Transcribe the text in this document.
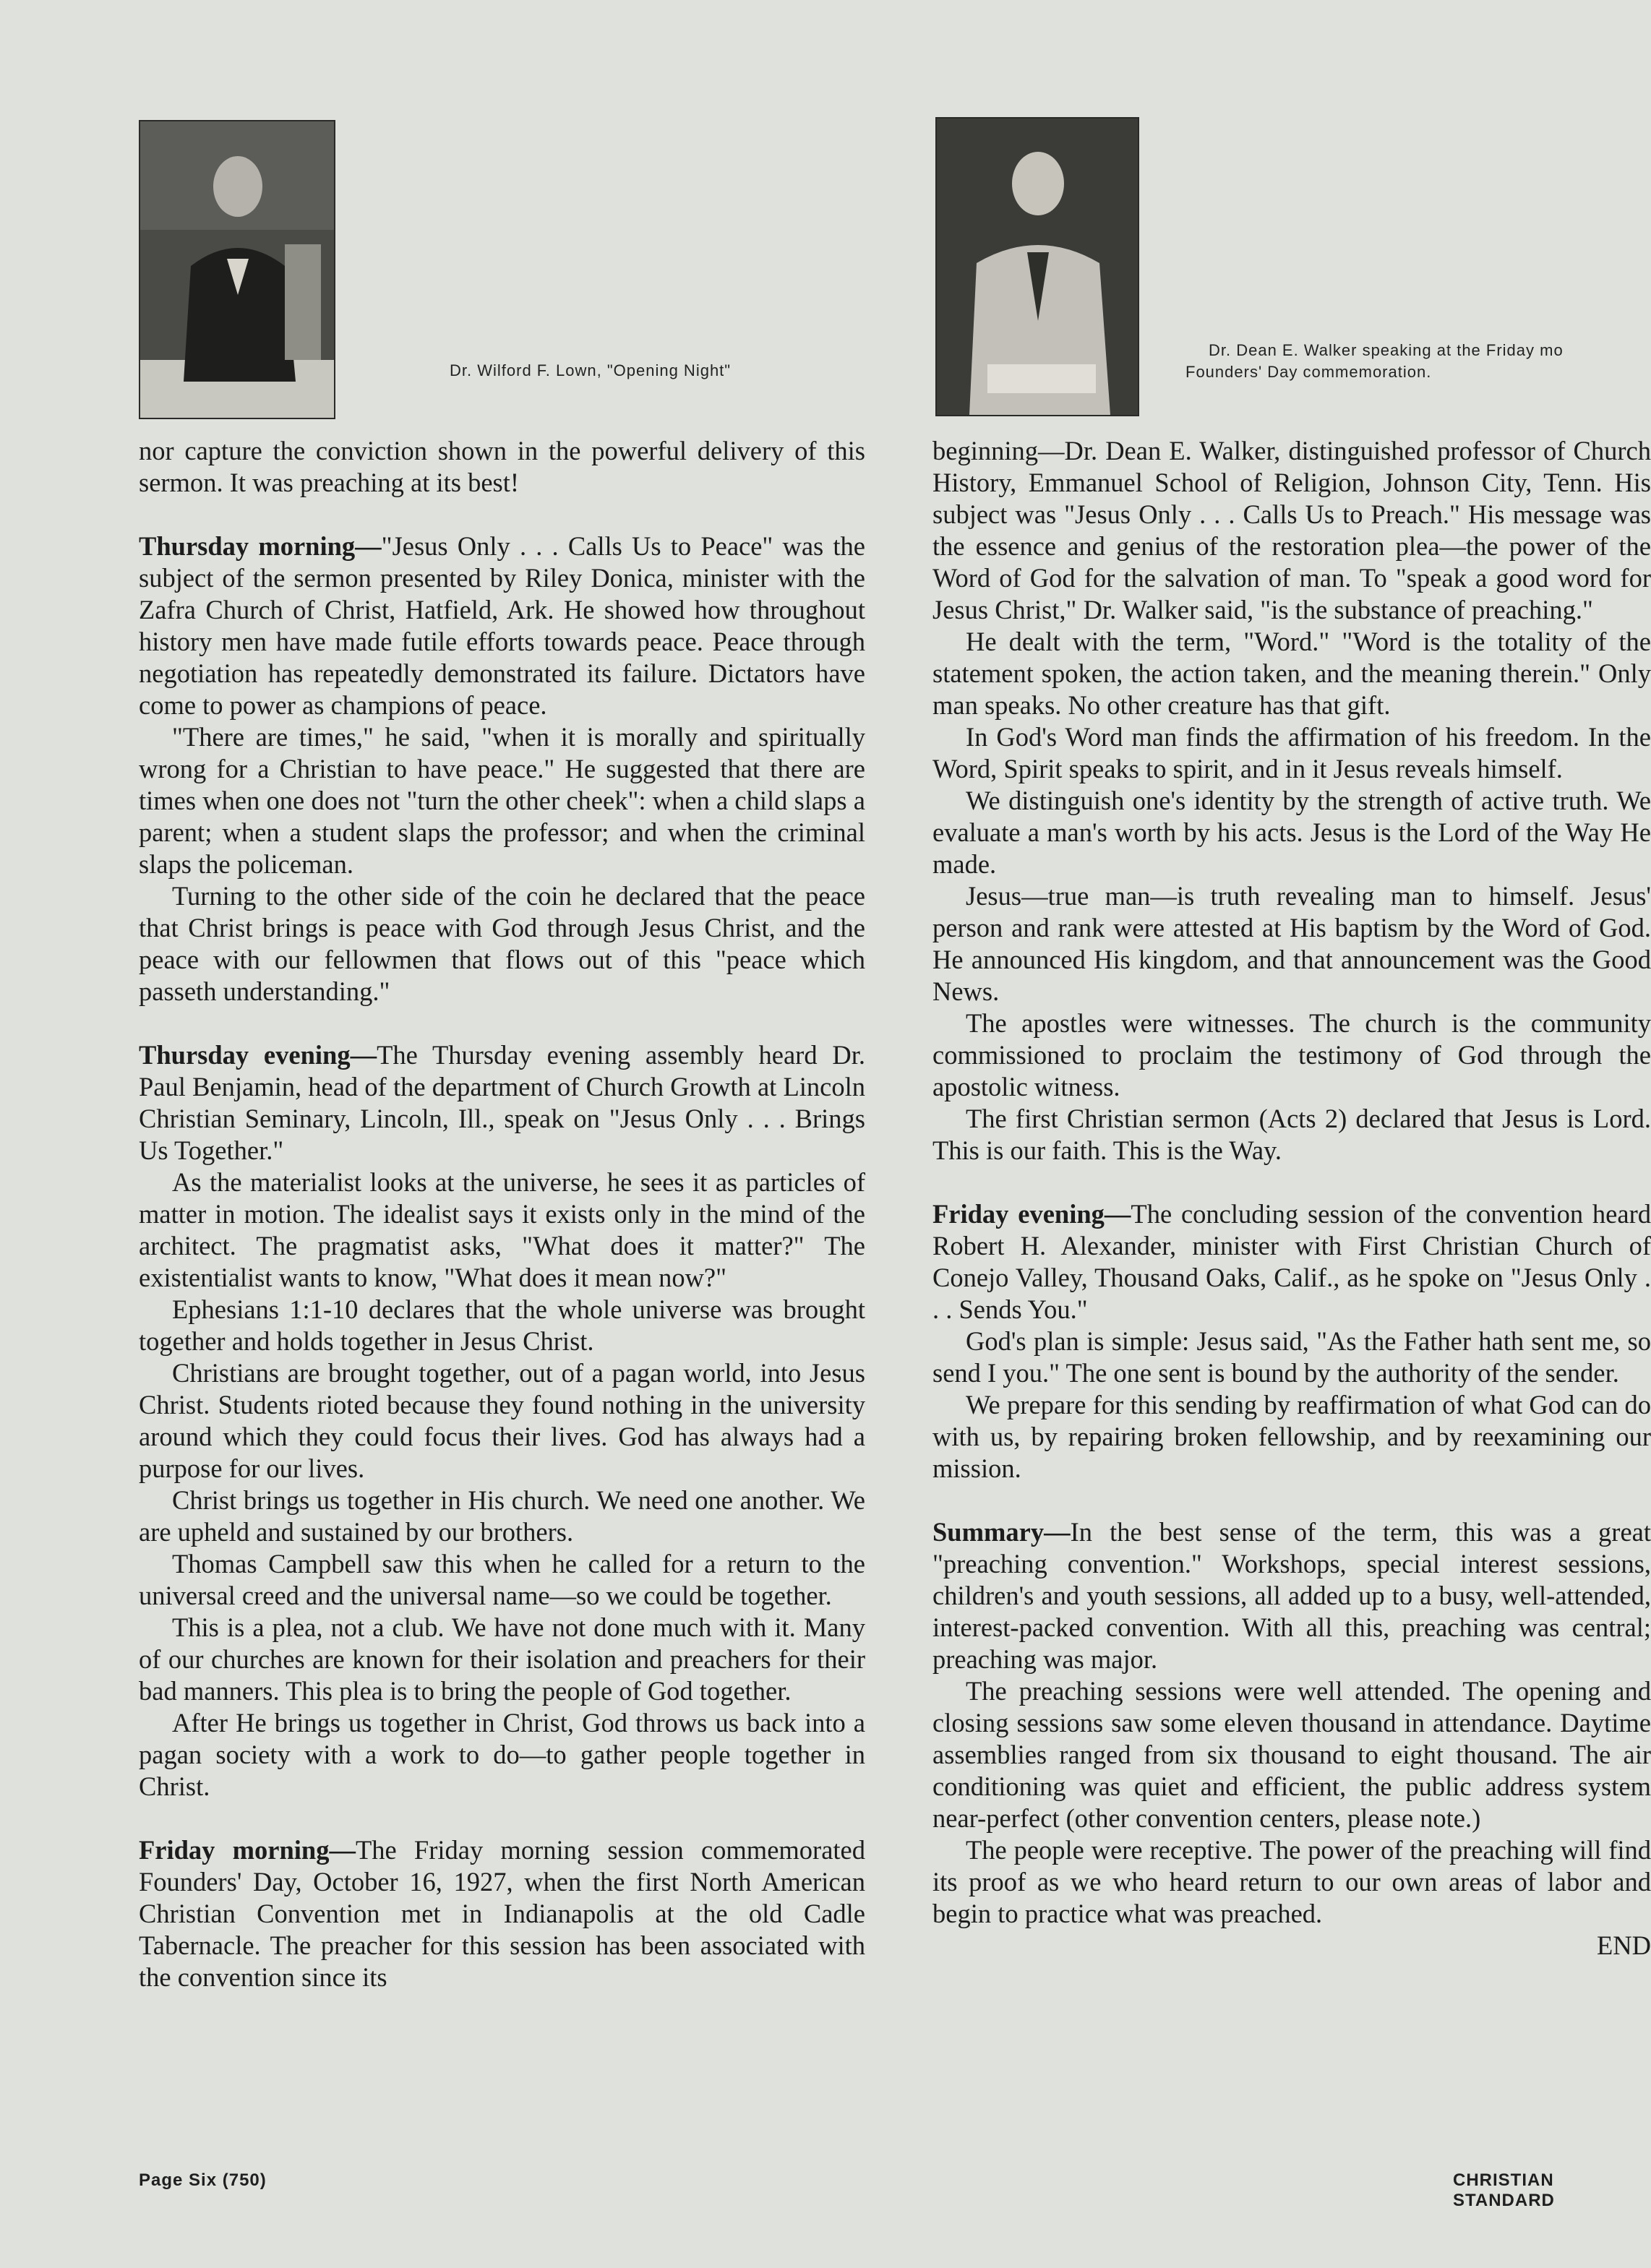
Dr. Wilford F. Lown, "Opening Night"
Dr. Dean E. Walker speaking at the Friday mo
Founders' Day commemoration.

nor capture the conviction shown in the powerful delivery of this sermon. It was preaching at its best!

Thursday morning—"Jesus Only . . . Calls Us to Peace" was the subject of the sermon presented by Riley Donica, minister with the Zafra Church of Christ, Hatfield, Ark. He showed how throughout history men have made futile efforts towards peace. Peace through negotiation has repeatedly demonstrated its failure. Dictators have come to power as champions of peace.

"There are times," he said, "when it is morally and spiritually wrong for a Christian to have peace." He suggested that there are times when one does not "turn the other cheek": when a child slaps a parent; when a student slaps the professor; and when the criminal slaps the policeman.

Turning to the other side of the coin he declared that the peace that Christ brings is peace with God through Jesus Christ, and the peace with our fellowmen that flows out of this "peace which passeth understanding."

Thursday evening—The Thursday evening assembly heard Dr. Paul Benjamin, head of the department of Church Growth at Lincoln Christian Seminary, Lincoln, Ill., speak on "Jesus Only . . . Brings Us Together."

As the materialist looks at the universe, he sees it as particles of matter in motion. The idealist says it exists only in the mind of the architect. The pragmatist asks, "What does it matter?" The existentialist wants to know, "What does it mean now?"

Ephesians 1:1-10 declares that the whole universe was brought together and holds together in Jesus Christ.

Christians are brought together, out of a pagan world, into Jesus Christ. Students rioted because they found nothing in the university around which they could focus their lives. God has always had a purpose for our lives.

Christ brings us together in His church. We need one another. We are upheld and sustained by our brothers.

Thomas Campbell saw this when he called for a return to the universal creed and the universal name—so we could be together.

This is a plea, not a club. We have not done much with it. Many of our churches are known for their isolation and preachers for their bad manners. This plea is to bring the people of God together.

After He brings us together in Christ, God throws us back into a pagan society with a work to do—to gather people together in Christ.

Friday morning—The Friday morning session commemorated Founders' Day, October 16, 1927, when the first North American Christian Convention met in Indianapolis at the old Cadle Tabernacle. The preacher for this session has been associated with the convention since its

beginning—Dr. Dean E. Walker, distinguished professor of Church History, Emmanuel School of Religion, Johnson City, Tenn. His subject was "Jesus Only . . . Calls Us to Preach." His message was the essence and genius of the restoration plea—the power of the Word of God for the salvation of man. To "speak a good word for Jesus Christ," Dr. Walker said, "is the substance of preaching."

He dealt with the term, "Word." "Word is the totality of the statement spoken, the action taken, and the meaning therein." Only man speaks. No other creature has that gift.

In God's Word man finds the affirmation of his freedom. In the Word, Spirit speaks to spirit, and in it Jesus reveals himself.

We distinguish one's identity by the strength of active truth. We evaluate a man's worth by his acts. Jesus is the Lord of the Way He made.

Jesus—true man—is truth revealing man to himself. Jesus' person and rank were attested at His baptism by the Word of God. He announced His kingdom, and that announcement was the Good News.

The apostles were witnesses. The church is the community commissioned to proclaim the testimony of God through the apostolic witness.

The first Christian sermon (Acts 2) declared that Jesus is Lord. This is our faith. This is the Way.

Friday evening—The concluding session of the convention heard Robert H. Alexander, minister with First Christian Church of Conejo Valley, Thousand Oaks, Calif., as he spoke on "Jesus Only . . . Sends You."

God's plan is simple: Jesus said, "As the Father hath sent me, so send I you." The one sent is bound by the authority of the sender.

We prepare for this sending by reaffirmation of what God can do with us, by repairing broken fellowship, and by reexamining our mission.

Summary—In the best sense of the term, this was a great "preaching convention." Workshops, special interest sessions, children's and youth sessions, all added up to a busy, well-attended, interest-packed convention. With all this, preaching was central; preaching was major.

The preaching sessions were well attended. The opening and closing sessions saw some eleven thousand in attendance. Daytime assemblies ranged from six thousand to eight thousand. The air conditioning was quiet and efficient, the public address system near-perfect (other convention centers, please note.)

The people were receptive. The power of the preaching will find its proof as we who heard return to our own areas of labor and begin to practice what was preached.

END

Page Six (750)	CHRISTIAN STANDARD
